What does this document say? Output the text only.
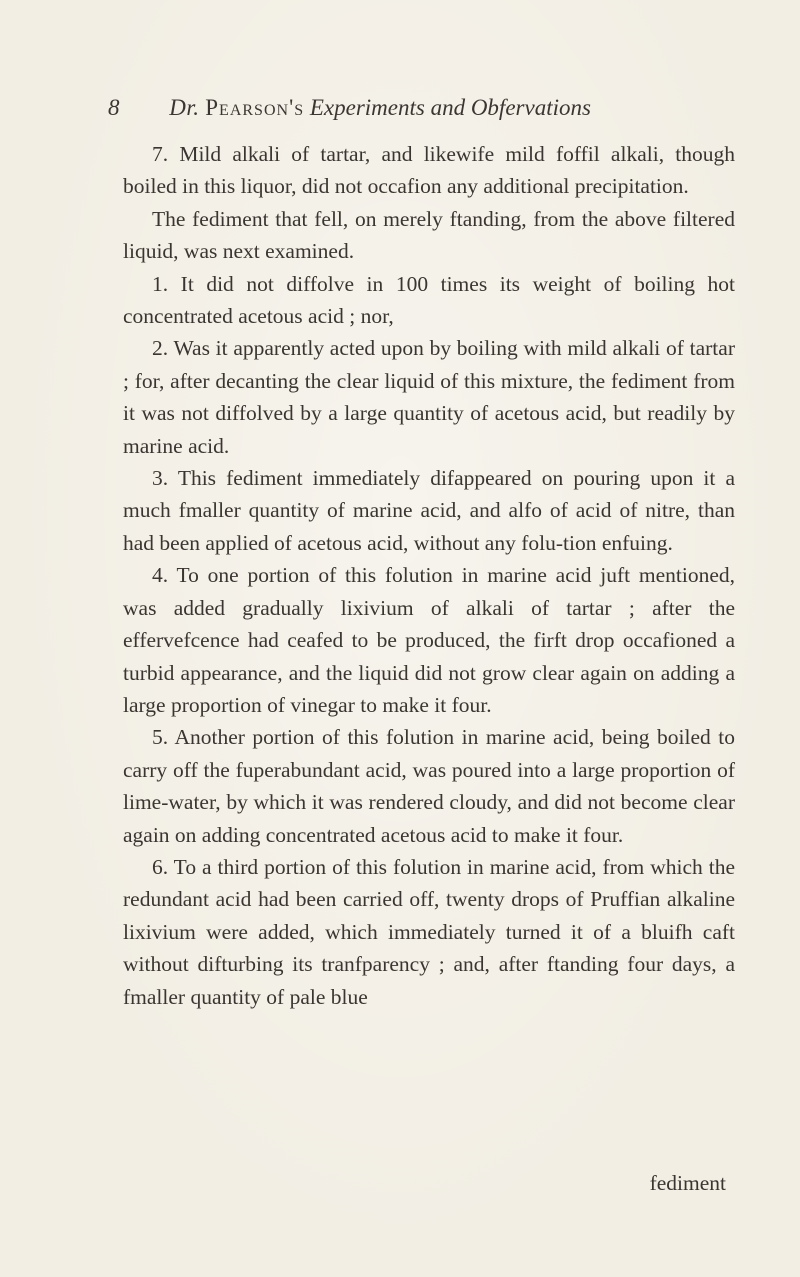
8 Dr. Pearson's Experiments and Obfervations

7. Mild alkali of tartar, and likewife mild foffil alkali, though boiled in this liquor, did not occafion any additional precipitation.

The fediment that fell, on merely ftanding, from the above filtered liquid, was next examined.

1. It did not diffolve in 100 times its weight of boiling hot concentrated acetous acid ; nor,

2. Was it apparently acted upon by boiling with mild alkali of tartar ; for, after decanting the clear liquid of this mixture, the fediment from it was not diffolved by a large quantity of acetous acid, but readily by marine acid.

3. This fediment immediately difappeared on pouring upon it a much fmaller quantity of marine acid, and alfo of acid of nitre, than had been applied of acetous acid, without any folu-tion enfuing.

4. To one portion of this folution in marine acid juft mentioned, was added gradually lixivium of alkali of tartar ; after the effervefcence had ceafed to be produced, the firft drop occafioned a turbid appearance, and the liquid did not grow clear again on adding a large proportion of vinegar to make it four.

5. Another portion of this folution in marine acid, being boiled to carry off the fuperabundant acid, was poured into a large proportion of lime-water, by which it was rendered cloudy, and did not become clear again on adding concentrated acetous acid to make it four.

6. To a third portion of this folution in marine acid, from which the redundant acid had been carried off, twenty drops of Pruffian alkaline lixivium were added, which immediately turned it of a bluifh caft without difturbing its tranfparency ; and, after ftanding four days, a fmaller quantity of pale blue

fediment
